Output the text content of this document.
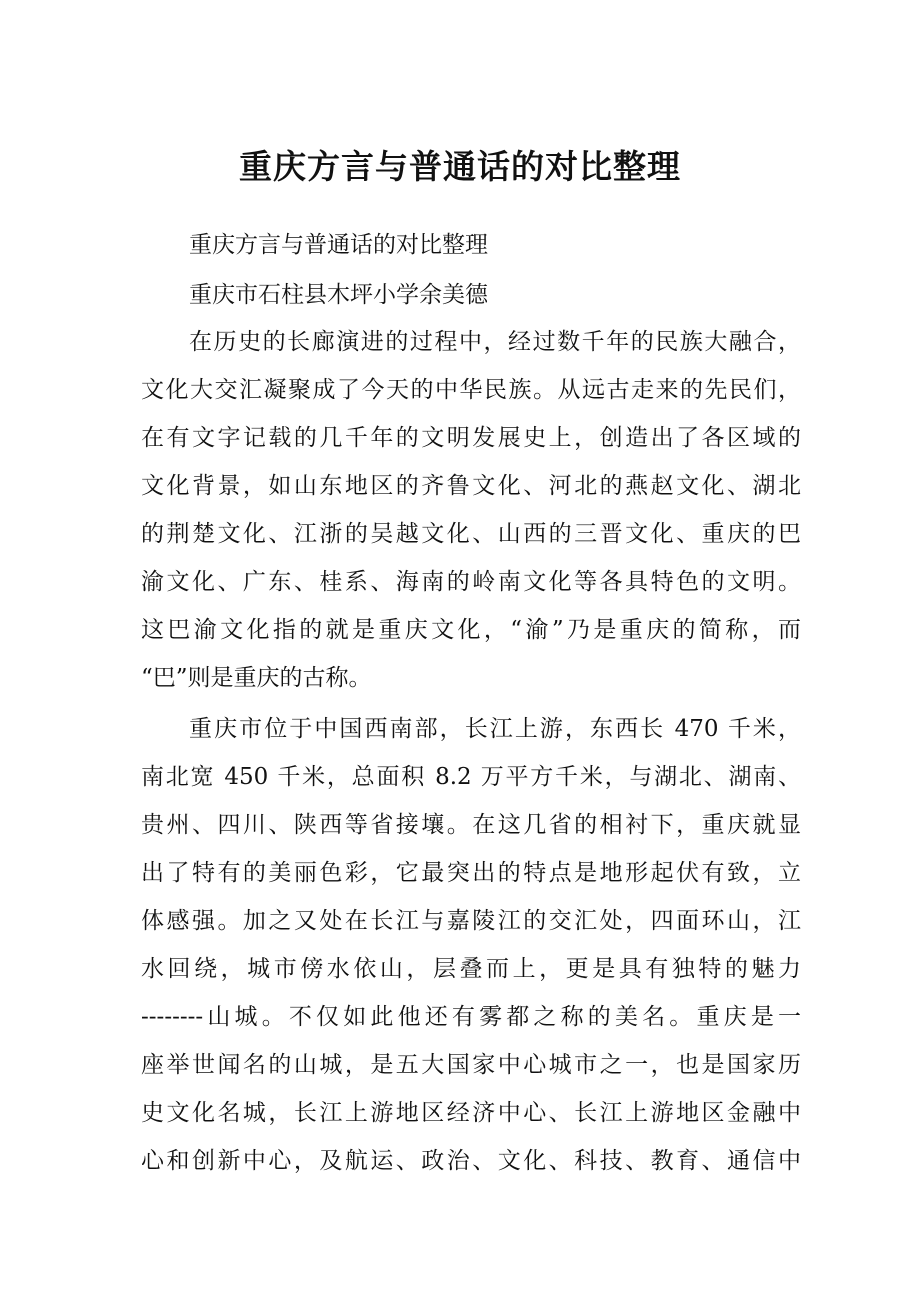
重庆方言与普通话的对比整理
重庆方言与普通话的对比整理
重庆市石柱县木坪小学余美德
在历史的长廊演进的过程中，经过数千年的民族大融合，
文化大交汇凝聚成了今天的中华民族。从远古走来的先民们，
在有文字记载的几千年的文明发展史上，创造出了各区域的
文化背景，如山东地区的齐鲁文化、河北的燕赵文化、湖北
的荆楚文化、江浙的吴越文化、山西的三晋文化、重庆的巴
渝文化、广东、桂系、海南的岭南文化等各具特色的文明。
这巴渝文化指的就是重庆文化，“渝”乃是重庆的简称，而
“巴”则是重庆的古称。
重庆市位于中国西南部，长江上游，东西长 470 千米，
南北宽 450 千米，总面积 8.2 万平方千米，与湖北、湖南、
贵州、四川、陕西等省接壤。在这几省的相衬下，重庆就显
出了特有的美丽色彩，它最突出的特点是地形起伏有致，立
体感强。加之又处在长江与嘉陵江的交汇处，四面环山，江
水回绕，城市傍水依山，层叠而上，更是具有独特的魅力
--------山城。不仅如此他还有雾都之称的美名。重庆是一
座举世闻名的山城，是五大国家中心城市之一，也是国家历
史文化名城，长江上游地区经济中心、长江上游地区金融中
心和创新中心，及航运、政治、文化、科技、教育、通信中
